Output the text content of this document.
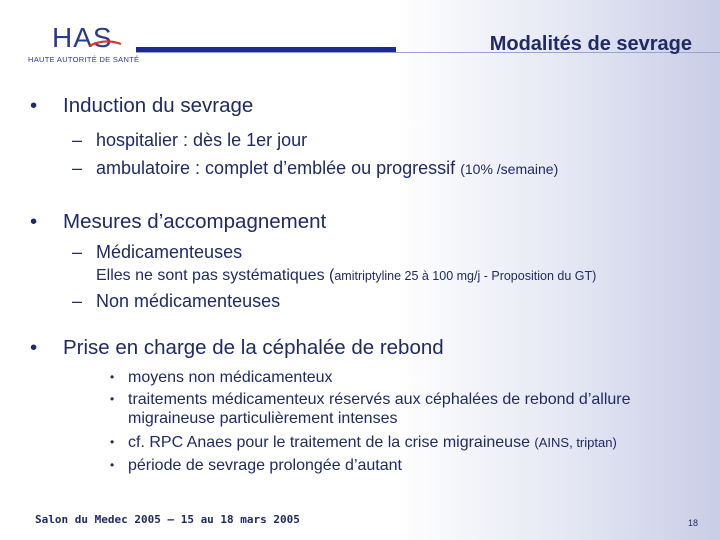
HAS
HAUTE AUTORITÉ DE SANTÉ
Modalités de sevrage
• Induction du sevrage
– hospitalier : dès le 1er jour
– ambulatoire : complet d’emblée ou progressif (10% /semaine)
• Mesures d’accompagnement
– Médicamenteuses
Elles ne sont pas systématiques (amitriptyline 25 à 100 mg/j - Proposition du GT)
– Non médicamenteuses
• Prise en charge de la céphalée de rebond
• moyens non médicamenteux
• traitements médicamenteux réservés aux céphalées de rebond d’allure migraineuse particulièrement intenses
• cf. RPC Anaes pour le traitement de la crise migraineuse (AINS, triptan)
• période de sevrage prolongée d’autant
Salon du Medec 2005 – 15 au 18 mars 2005	18
